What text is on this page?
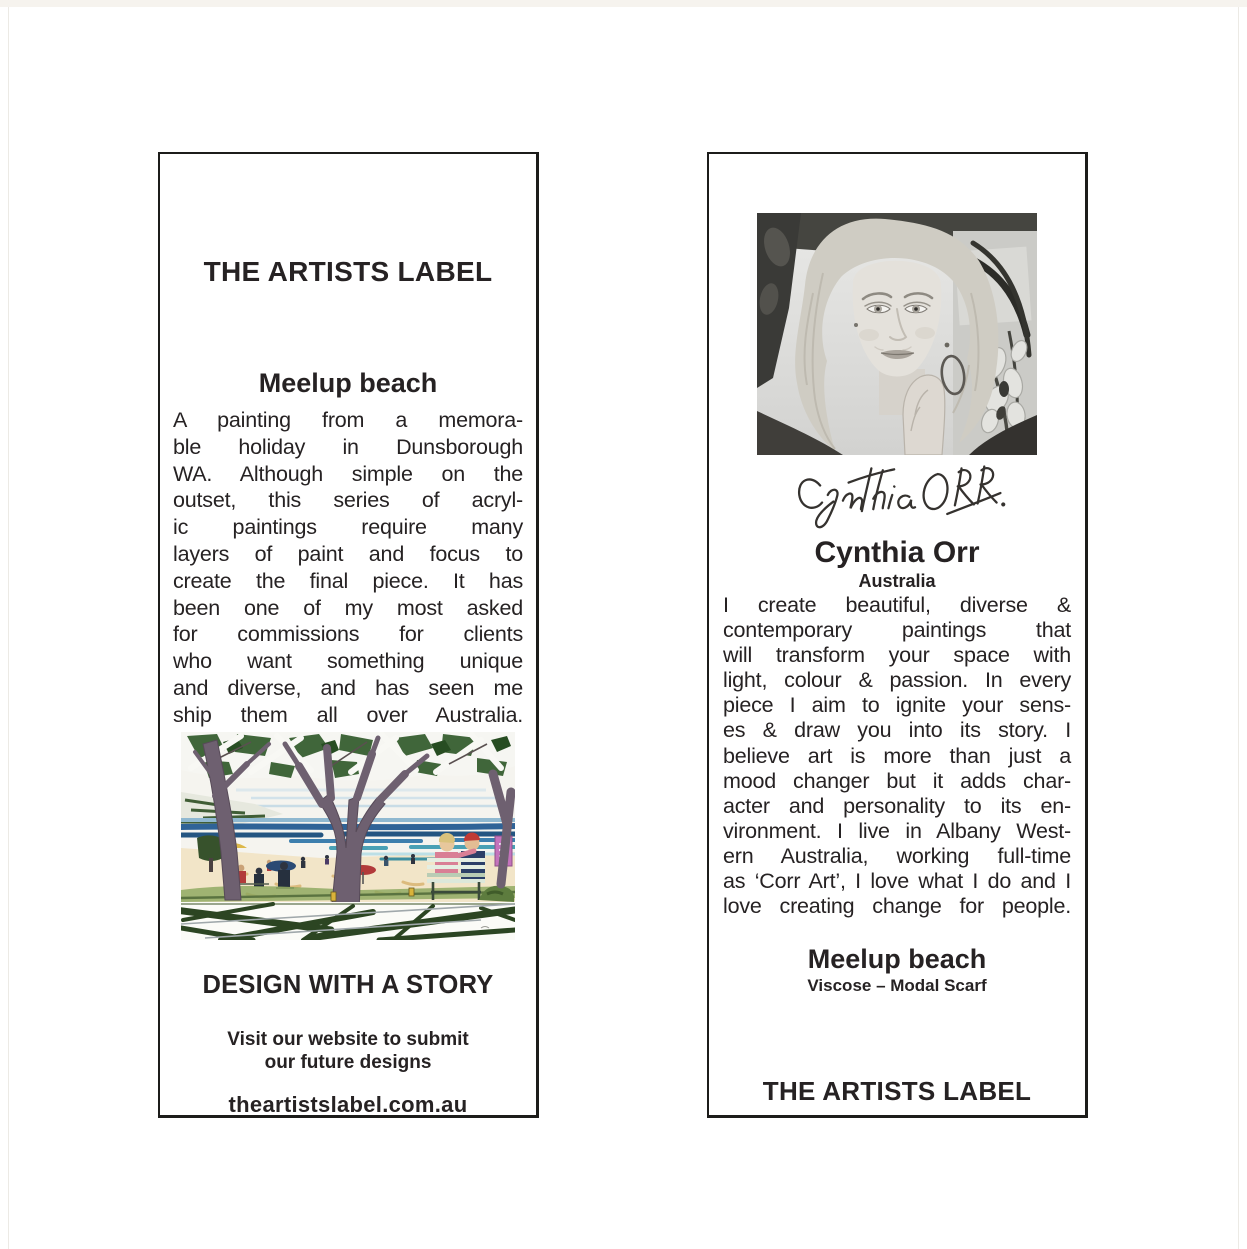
THE ARTISTS LABEL
Meelup beach
A painting from a memora-
ble holiday in Dunsborough
WA. Although simple on the
outset, this series of acryl-
ic paintings require many
layers of paint and focus to
create the final piece. It has
been one of my most asked
for commissions for clients
who want something unique
and diverse, and has seen me
ship them all over Australia.
DESIGN WITH A STORY
Visit our website to submit
our future designs
theartistslabel.com.au
Cynthia Orr
Australia
I create beautiful, diverse &
contemporary paintings that
will transform your space with
light, colour & passion. In every
piece I aim to ignite your sens-
es & draw you into its story. I
believe art is more than just a
mood changer but it adds char-
acter and personality to its en-
vironment. I live in Albany West-
ern Australia, working full-time
as ‘Corr Art’, I love what I do and I
love creating change for people.
Meelup beach
Viscose – Modal Scarf
THE ARTISTS LABEL
